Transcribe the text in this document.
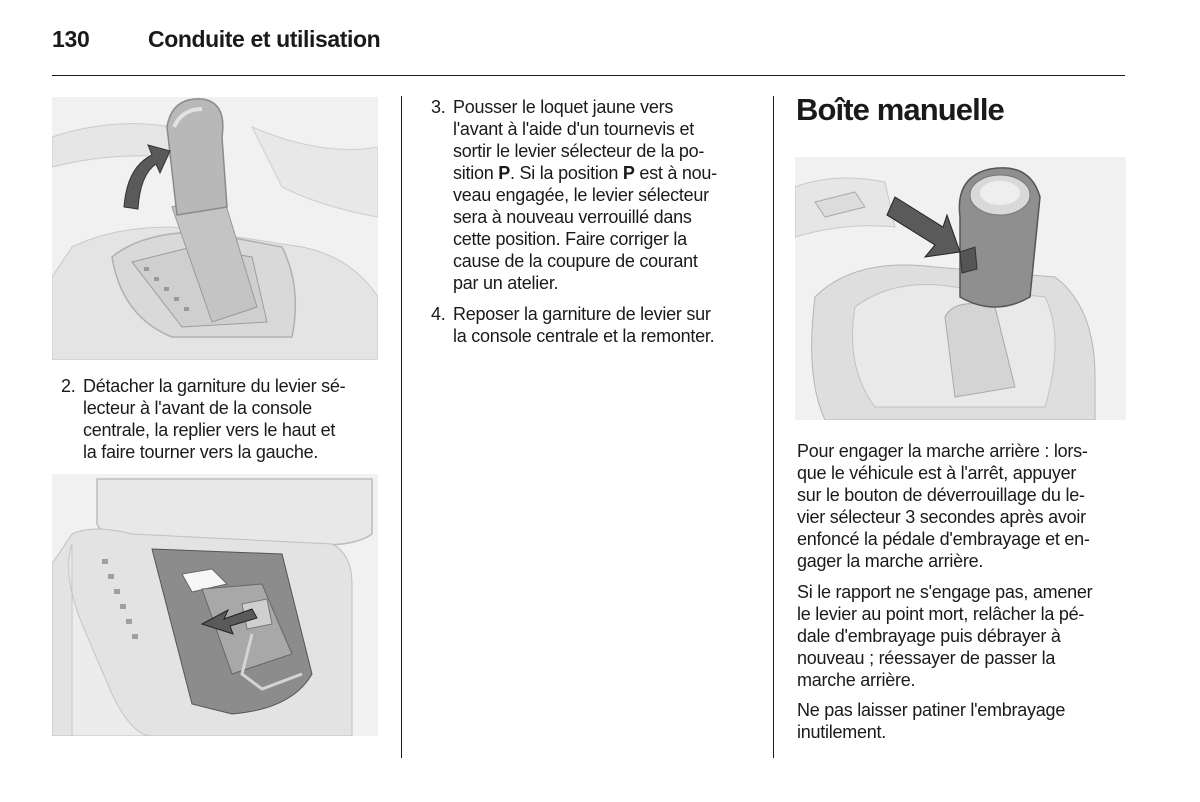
130	Conduite et utilisation
2. Détacher la garniture du levier sé-
lecteur à l'avant de la console
centrale, la replier vers le haut et
la faire tourner vers la gauche.
3. Pousser le loquet jaune vers
l'avant à l'aide d'un tournevis et
sortir le levier sélecteur de la po-
sition P. Si la position P est à nou-
veau engagée, le levier sélecteur
sera à nouveau verrouillé dans
cette position. Faire corriger la
cause de la coupure de courant
par un atelier.
4. Reposer la garniture de levier sur
la console centrale et la remonter.
Boîte manuelle
Pour engager la marche arrière : lors-
que le véhicule est à l'arrêt, appuyer
sur le bouton de déverrouillage du le-
vier sélecteur 3 secondes après avoir
enfoncé la pédale d'embrayage et en-
gager la marche arrière.
Si le rapport ne s'engage pas, amener
le levier au point mort, relâcher la pé-
dale d'embrayage puis débrayer à
nouveau ; réessayer de passer la
marche arrière.
Ne pas laisser patiner l'embrayage
inutilement.
